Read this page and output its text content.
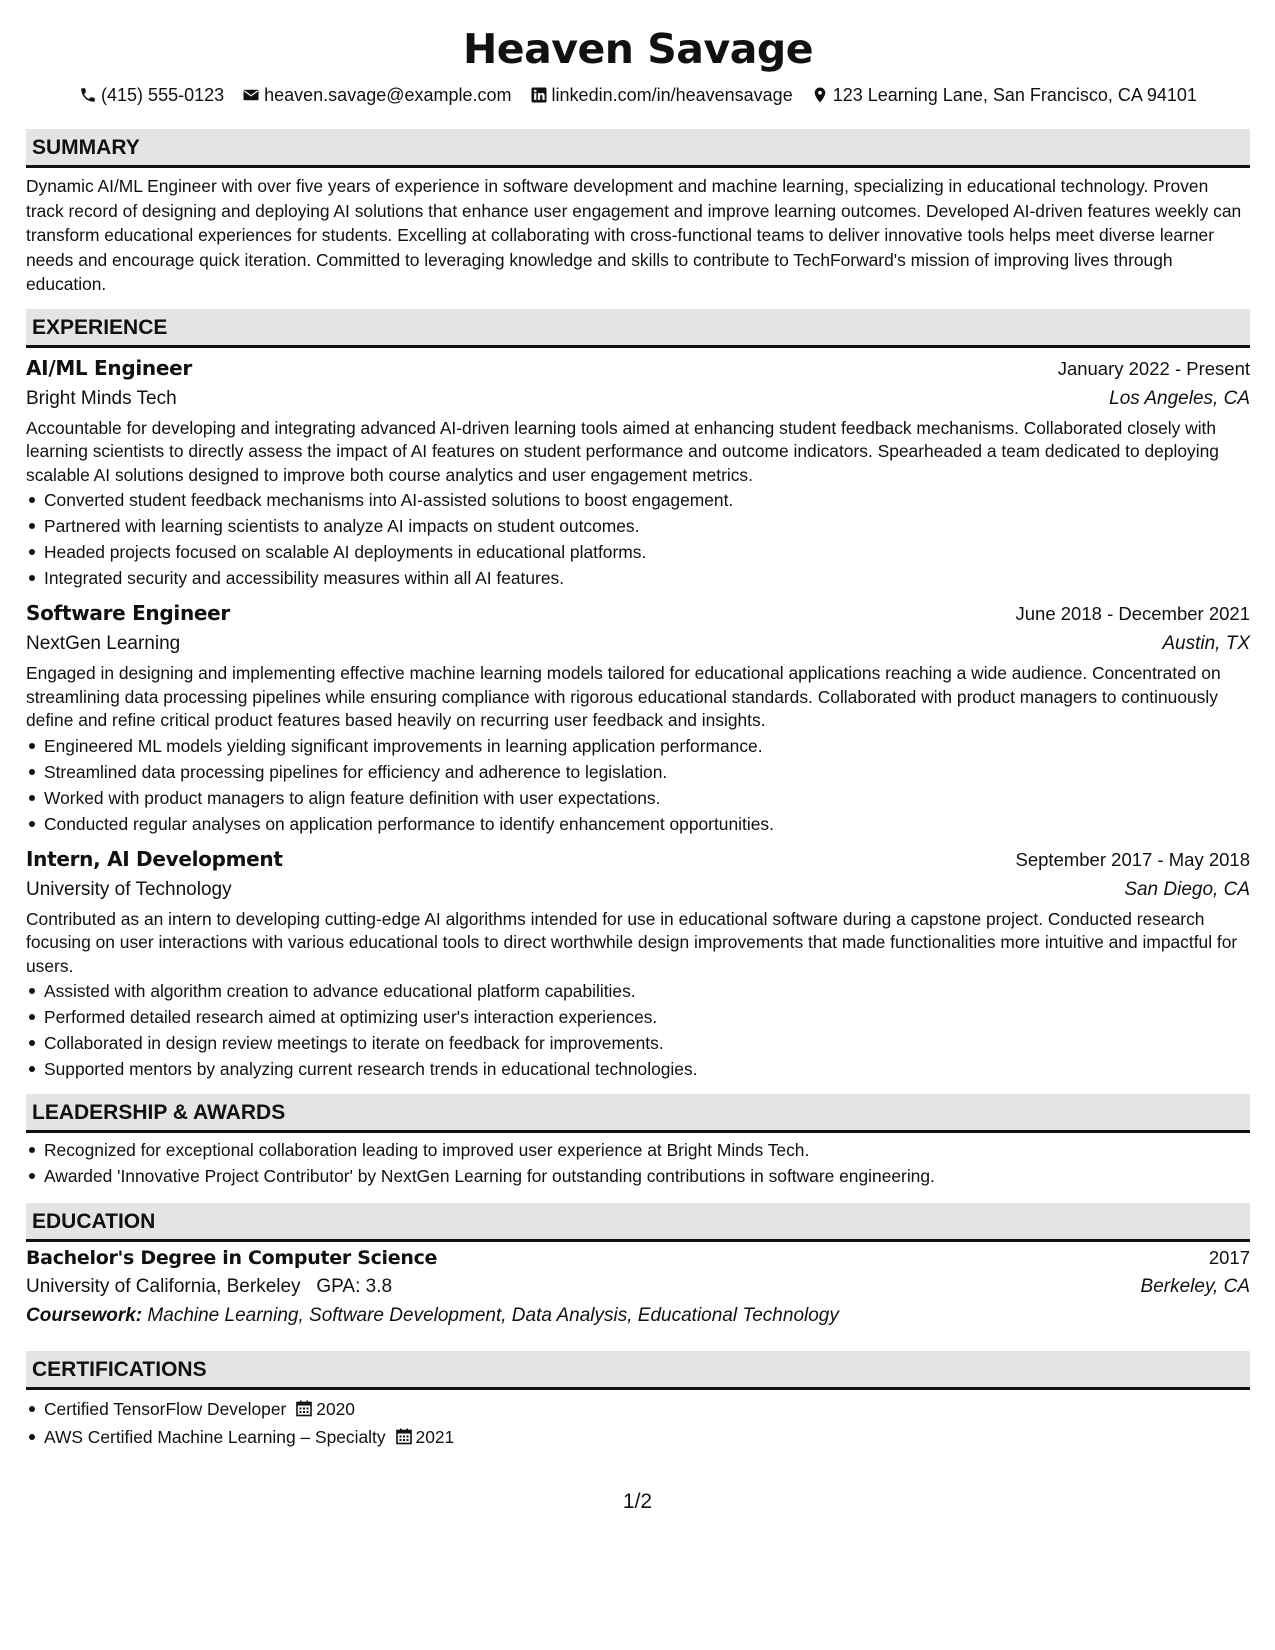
Heaven Savage
(415) 555-0123 heaven.savage@example.com linkedin.com/in/heavensavage 123 Learning Lane, San Francisco, CA 94101
SUMMARY

Dynamic AI/ML Engineer with over five years of experience in software development and machine learning, specializing in educational technology. Proven track record of designing and deploying AI solutions that enhance user engagement and improve learning outcomes. Developed AI-driven features weekly can transform educational experiences for students. Excelling at collaborating with cross-functional teams to deliver innovative tools helps meet diverse learner needs and encourage quick iteration. Committed to leveraging knowledge and skills to contribute to TechForward's mission of improving lives through education.

EXPERIENCE
AI/ML Engineer	January 2022 - Present
Bright Minds Tech	Los Angeles, CA

Accountable for developing and integrating advanced AI-driven learning tools aimed at enhancing student feedback mechanisms. Collaborated closely with learning scientists to directly assess the impact of AI features on student performance and outcome indicators. Spearheaded a team dedicated to deploying scalable AI solutions designed to improve both course analytics and user engagement metrics.

Converted student feedback mechanisms into AI-assisted solutions to boost engagement.
Partnered with learning scientists to analyze AI impacts on student outcomes.
Headed projects focused on scalable AI deployments in educational platforms.
Integrated security and accessibility measures within all AI features.
Software Engineer	June 2018 - December 2021
NextGen Learning	Austin, TX

Engaged in designing and implementing effective machine learning models tailored for educational applications reaching a wide audience. Concentrated on streamlining data processing pipelines while ensuring compliance with rigorous educational standards. Collaborated with product managers to continuously define and refine critical product features based heavily on recurring user feedback and insights.

Engineered ML models yielding significant improvements in learning application performance.
Streamlined data processing pipelines for efficiency and adherence to legislation.
Worked with product managers to align feature definition with user expectations.
Conducted regular analyses on application performance to identify enhancement opportunities.
Intern, AI Development	September 2017 - May 2018
University of Technology	San Diego, CA

Contributed as an intern to developing cutting-edge AI algorithms intended for use in educational software during a capstone project. Conducted research focusing on user interactions with various educational tools to direct worthwhile design improvements that made functionalities more intuitive and impactful for users.

Assisted with algorithm creation to advance educational platform capabilities.
Performed detailed research aimed at optimizing user's interaction experiences.
Collaborated in design review meetings to iterate on feedback for improvements.
Supported mentors by analyzing current research trends in educational technologies.
LEADERSHIP & AWARDS
Recognized for exceptional collaboration leading to improved user experience at Bright Minds Tech.
Awarded 'Innovative Project Contributor' by NextGen Learning for outstanding contributions in software engineering.
EDUCATION
Bachelor's Degree in Computer Science	2017
University of California, Berkeley GPA: 3.8	Berkeley, CA
Coursework: Machine Learning, Software Development, Data Analysis, Educational Technology
CERTIFICATIONS
Certified TensorFlow Developer 2020
AWS Certified Machine Learning – Specialty 2021
1/2
